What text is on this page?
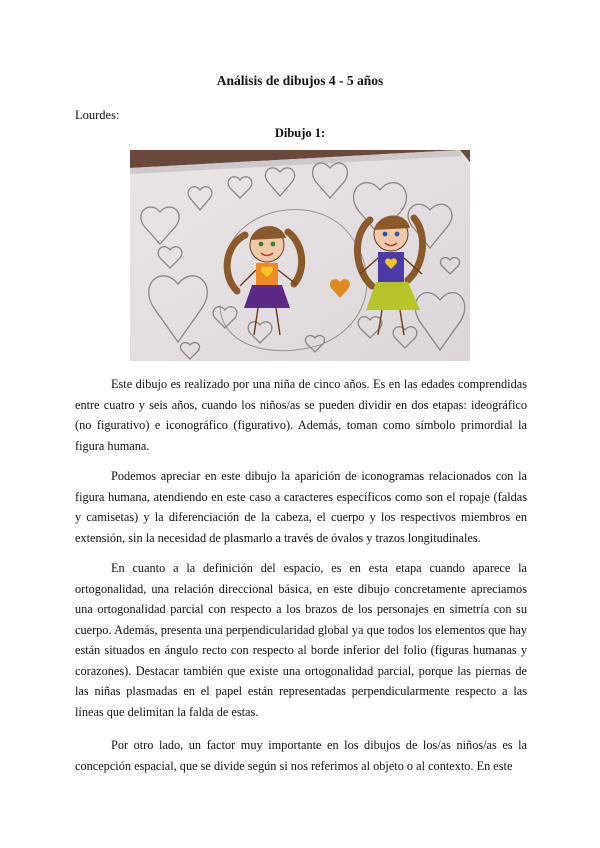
Análisis de dibujos 4 - 5 años
Lourdes:
Dibujo 1:
Este dibujo es realizado por una niña de cinco años. Es en las edades comprendidas entre cuatro y seis años, cuando los niños/as se pueden dividir en dos etapas: ideográfico (no figurativo) e iconográfico (figurativo). Además, toman como símbolo primordial la figura humana.
Podemos apreciar en este dibujo la aparición de iconogramas relacionados con la figura humana, atendiendo en este caso a caracteres específicos como son el ropaje (faldas y camisetas) y la diferenciación de la cabeza, el cuerpo y los respectivos miembros en extensión, sin la necesidad de plasmarlo a través de óvalos y trazos longitudinales.
En cuanto a la definición del espacio, es en esta etapa cuando aparece la ortogonalidad, una relación direccional básica, en este dibujo concretamente apreciamos una ortogonalidad parcial con respecto a los brazos de los personajes en simetría con su cuerpo. Además, presenta una perpendicularidad global ya que todos los elementos que hay están situados en ángulo recto con respecto al borde inferior del folio (figuras humanas y corazones). Destacar también que existe una ortogonalidad parcial, porque las piernas de las niñas plasmadas en el papel están representadas perpendicularmente respecto a las líneas que delimitan la falda de estas.
Por otro lado, un factor muy importante en los dibujos de los/as niños/as es la concepción espacial, que se divide según si nos referimos al objeto o al contexto. En este
